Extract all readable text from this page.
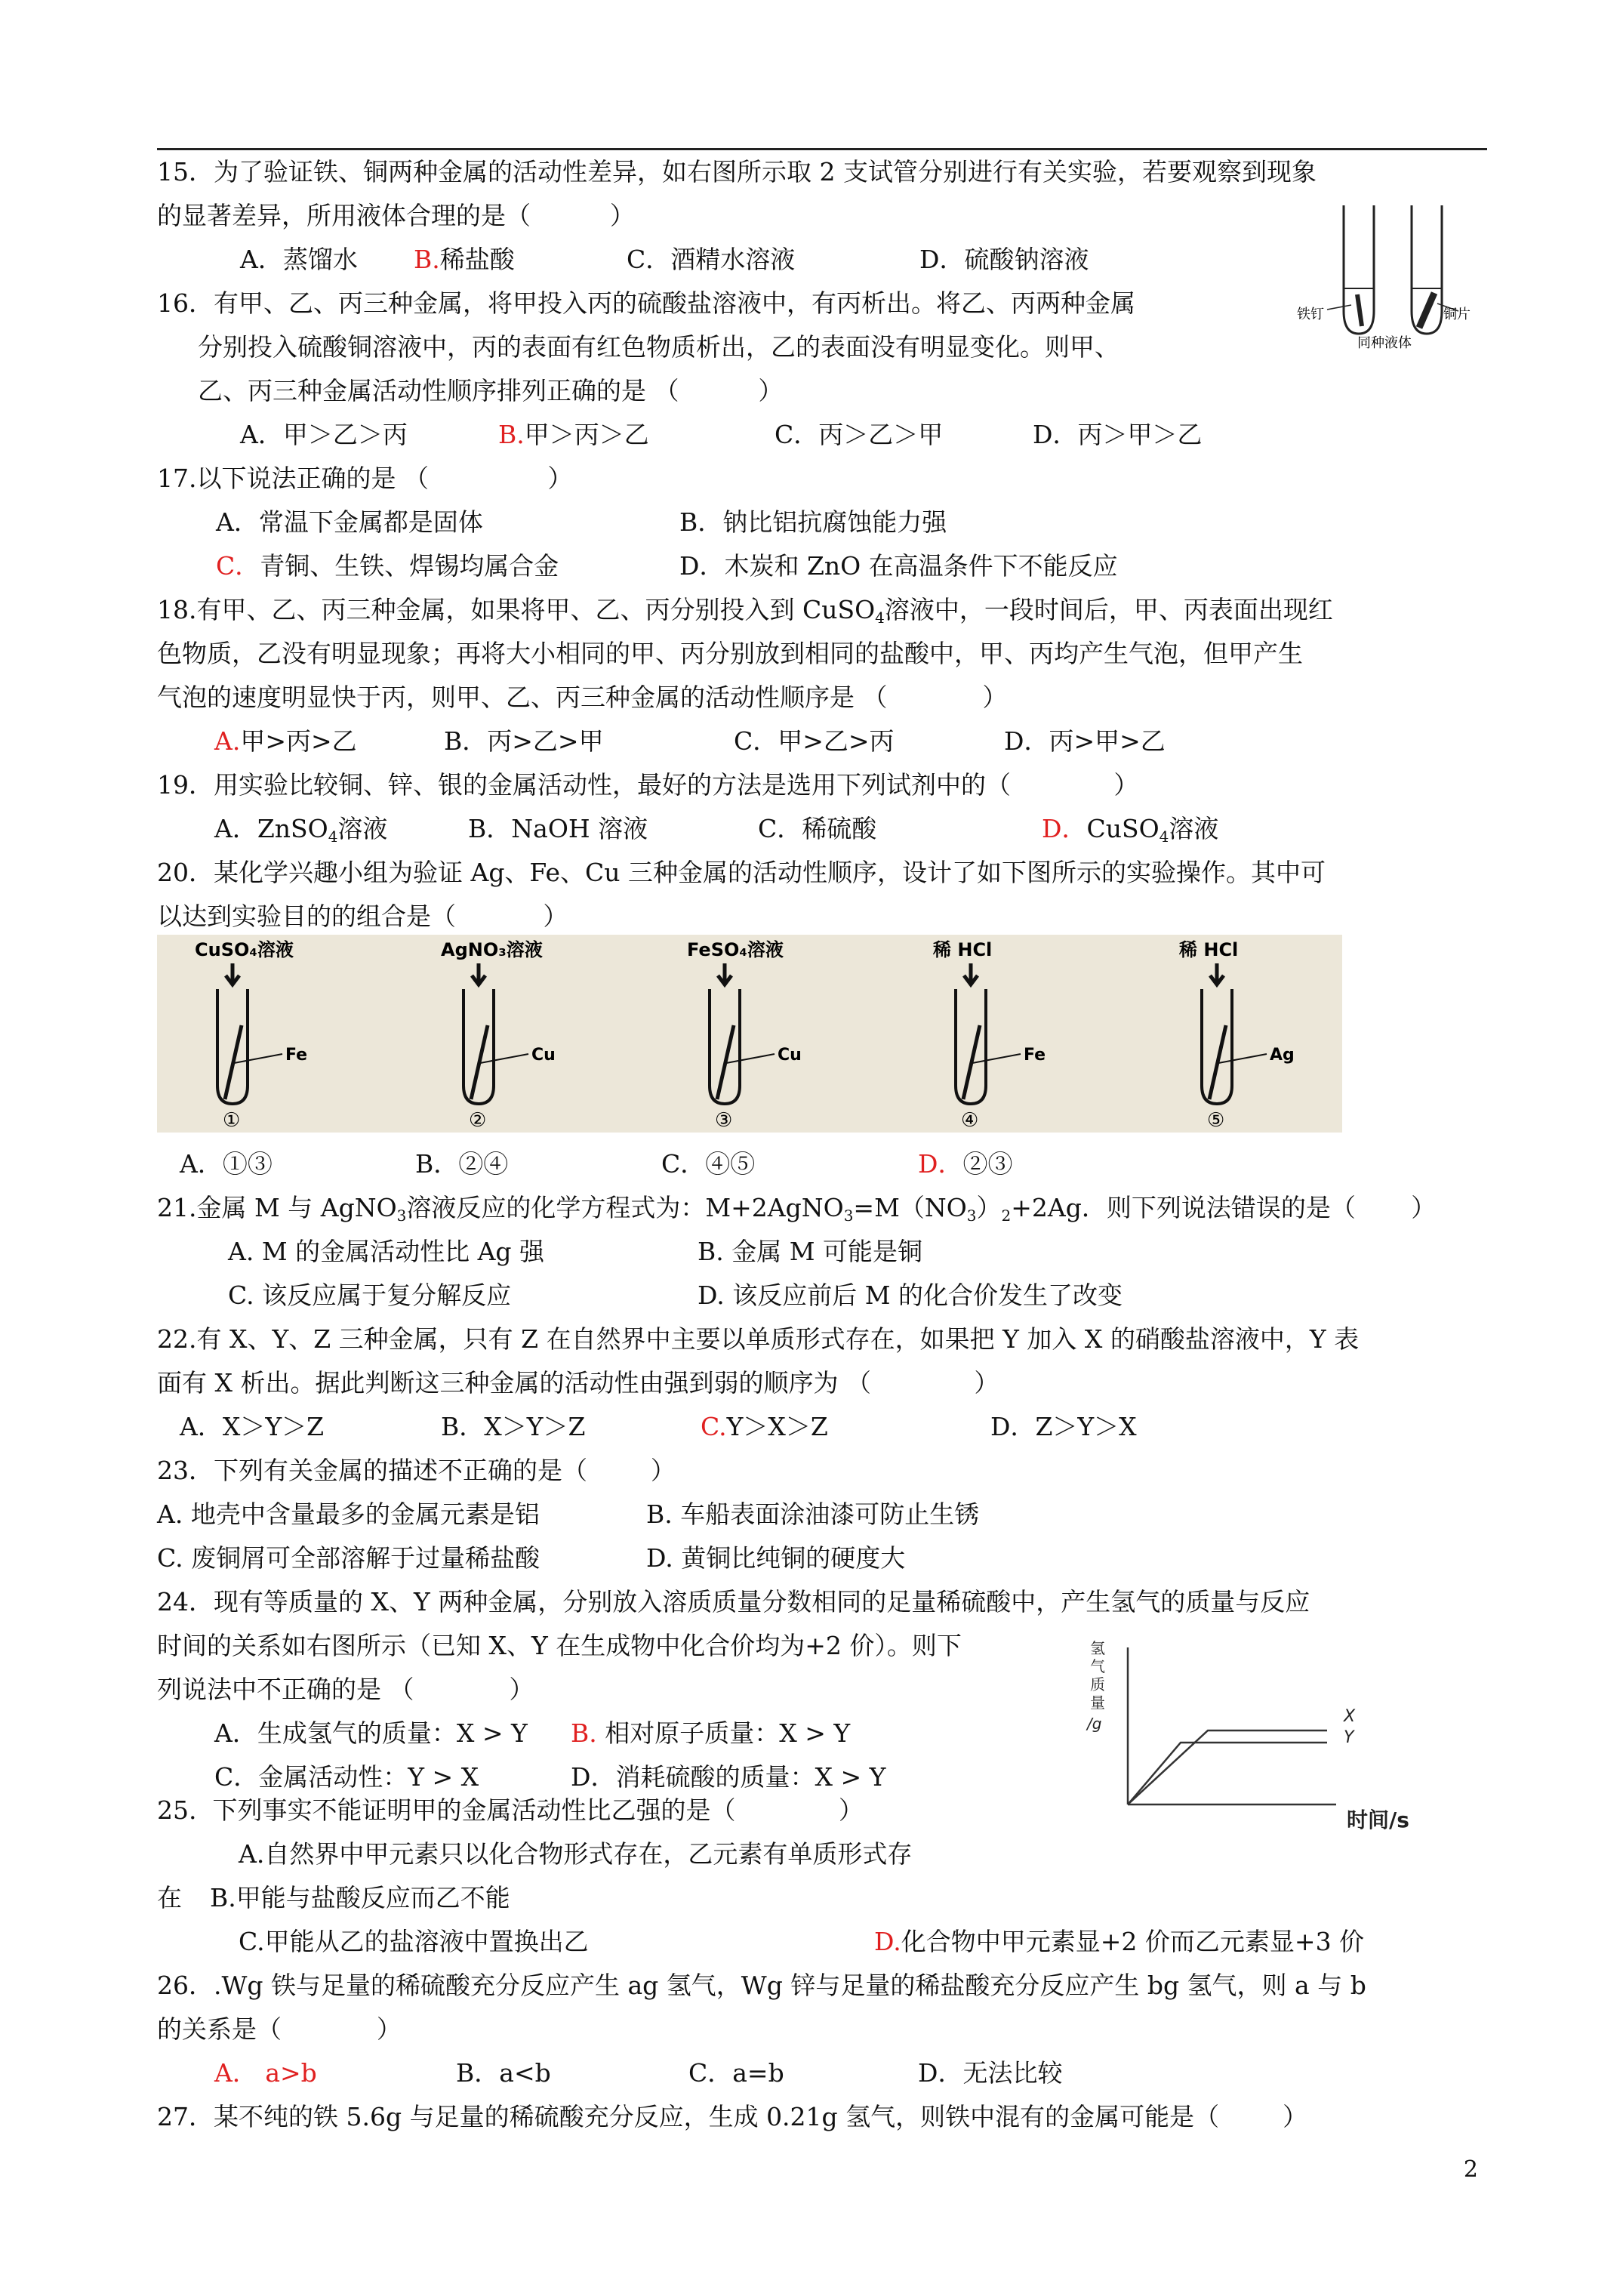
15．为了验证铁、铜两种金属的活动性差异，如右图所示取 2 支试管分别进行有关实验，若要观察到现象
的显著差异，所用液体合理的是（          ）
A．蒸馏水 B.稀盐酸	C．酒精水溶液	D．硫酸钠溶液
铁钉	铜片
同种液体
16．有甲、乙、丙三种金属，将甲投入丙的硫酸盐溶液中，有丙析出。将乙、丙两种金属
分别投入硫酸铜溶液中，丙的表面有红色物质析出，乙的表面没有明显变化。则甲、
乙、丙三种金属活动性顺序排列正确的是 （          ）
A．甲＞乙＞丙	B.甲＞丙＞乙	C．丙＞乙＞甲	D．丙＞甲＞乙
17.以下说法正确的是 （               ）
A．常温下金属都是固体	B．钠比铝抗腐蚀能力强
C．青铜、生铁、焊锡均属合金	D．木炭和 ZnO 在高温条件下不能反应
18.有甲、乙、丙三种金属，如果将甲、乙、丙分别投入到 CuSO$_4$溶液中，一段时间后，甲、丙表面出现红
色物质，乙没有明显现象；再将大小相同的甲、丙分别放到相同的盐酸中，甲、丙均产生气泡，但甲产生
气泡的速度明显快于丙，则甲、乙、丙三种金属的活动性顺序是 （            ）
A.甲>丙>乙	B．丙>乙>甲	C．甲>乙>丙	D．丙>甲>乙
19．用实验比较铜、锌、银的金属活动性，最好的方法是选用下列试剂中的（             ）
A．ZnSO$_4$溶液	B．NaOH 溶液	C．稀硫酸	D．CuSO$_4$溶液
20．某化学兴趣小组为验证 Ag、Fe、Cu 三种金属的活动性顺序，设计了如下图所示的实验操作。其中可
以达到实验目的的组合是（           ）
CuSO₄溶液
Fe
①
AgNO₃溶液
Cu
②
FeSO₄溶液
Cu
③
稀 HCl
Fe
④
稀 HCl
Ag
⑤
A．①③	B．②④	C．④⑤	D．②③
21.金属 M 与 AgNO$_3$溶液反应的化学方程式为：$M+2AgNO_3=M(NO_3)_2+2Ag$．则下列说法错误的是（       ）
A. M 的金属活动性比 Ag 强	B. 金属 M 可能是铜
C. 该反应属于复分解反应	D. 该反应前后 M 的化合价发生了改变
22.有 X、Y、Z 三种金属，只有 Z 在自然界中主要以单质形式存在，如果把 Y 加入 X 的硝酸盐溶液中，Y 表
面有 X 析出。据此判断这三种金属的活动性由强到弱的顺序为 （             ）
A．X＞Y＞Z	B．X＞Y＞Z	C.Y＞X＞Z	D．Z＞Y＞X
23．下列有关金属的描述不正确的是（        ）
A. 地壳中含量最多的金属元素是铝	B. 车船表面涂油漆可防止生锈
C. 废铜屑可全部溶解于过量稀盐酸	D. 黄铜比纯铜的硬度大
24．现有等质量的 X、Y 两种金属，分别放入溶质质量分数相同的足量稀硫酸中，产生氢气的质量与反应
时间的关系如右图所示（已知 X、Y 在生成物中化合价均为+2 价）。则下
列说法中不正确的是 （            ）
A．生成氢气的质量：X > Y B. 相对原子质量：X > Y
C．金属活动性：Y > X	D．消耗硫酸的质量：X > Y
氢
气
质
量
/g
时间/s
X
Y
25.  下列事实不能证明甲的金属活动性比乙强的是（             ）
A.自然界中甲元素只以化合物形式存在，乙元素有单质形式存
在 B.甲能与盐酸反应而乙不能
C.甲能从乙的盐溶液中置换出乙	D.化合物中甲元素显+2 价而乙元素显+3 价
26．.Wg 铁与足量的稀硫酸充分反应产生 ag 氢气，Wg 锌与足量的稀盐酸充分反应产生 bg 氢气，则 a 与 b
的关系是（            ）
A． a>b	B．a<b	C．a=b	D．无法比较
27．某不纯的铁 5.6g 与足量的稀硫酸充分反应，生成 0.21g 氢气，则铁中混有的金属可能是（        ）
2
